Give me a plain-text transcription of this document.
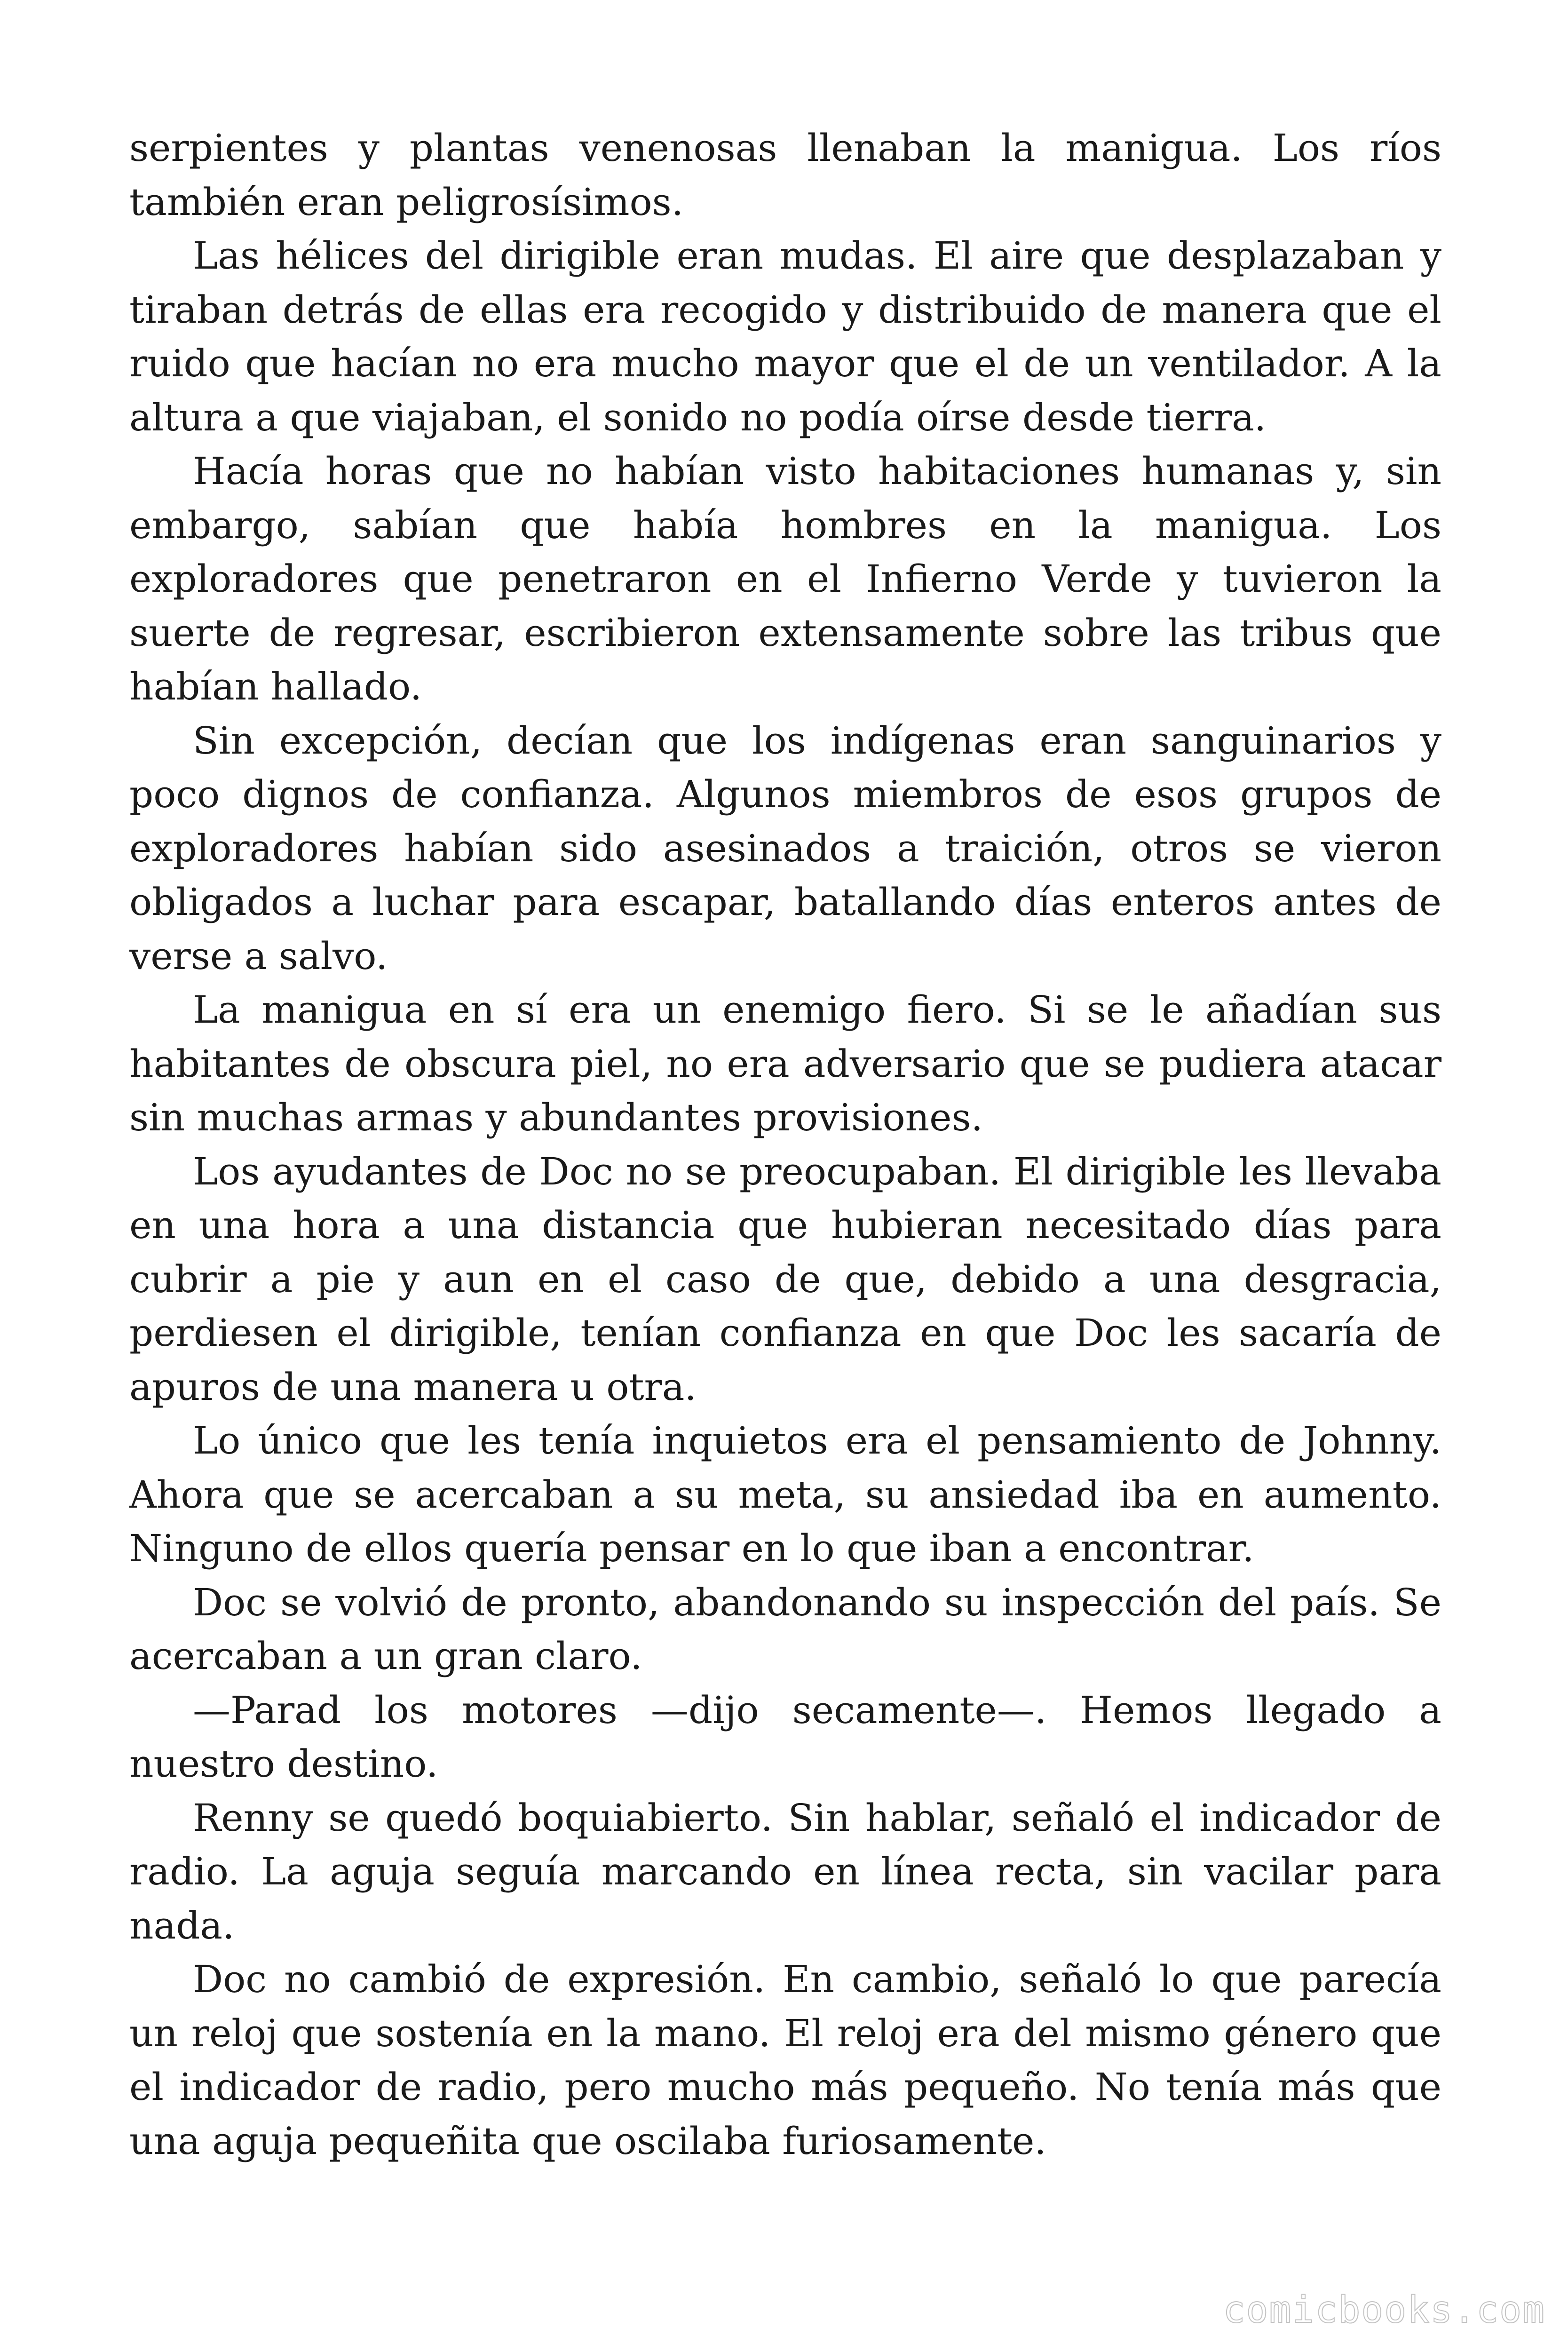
serpientes y plantas venenosas llenaban la manigua. Los ríos también eran peligrosísimos.

Las hélices del dirigible eran mudas. El aire que desplazaban y tiraban detrás de ellas era recogido y distribuido de manera que el ruido que hacían no era mucho mayor que el de un ventilador. A la altura a que viajaban, el sonido no podía oírse desde tierra.

Hacía horas que no habían visto habitaciones humanas y, sin embargo, sabían que había hombres en la manigua. Los exploradores que penetraron en el Infierno Verde y tuvieron la suerte de regresar, escribieron extensamente sobre las tribus que habían hallado.

Sin excepción, decían que los indígenas eran sanguinarios y poco dignos de confianza. Algunos miembros de esos grupos de exploradores habían sido asesinados a traición, otros se vieron obligados a luchar para escapar, batallando días enteros antes de verse a salvo.

La manigua en sí era un enemigo fiero. Si se le añadían sus habitantes de obscura piel, no era adversario que se pudiera atacar sin muchas armas y abundantes provisiones.

Los ayudantes de Doc no se preocupaban. El dirigible les llevaba en una hora a una distancia que hubieran necesitado días para cubrir a pie y aun en el caso de que, debido a una desgracia, perdiesen el dirigible, tenían confianza en que Doc les sacaría de apuros de una manera u otra.

Lo único que les tenía inquietos era el pensamiento de Johnny. Ahora que se acercaban a su meta, su ansiedad iba en aumento. Ninguno de ellos quería pensar en lo que iban a encontrar.

Doc se volvió de pronto, abandonando su inspección del país. Se acercaban a un gran claro.

—Parad los motores —dijo secamente—. Hemos llegado a nuestro destino.

Renny se quedó boquiabierto. Sin hablar, señaló el indicador de radio. La aguja seguía marcando en línea recta, sin vacilar para nada.

Doc no cambió de expresión. En cambio, señaló lo que parecía un reloj que sostenía en la mano. El reloj era del mismo género que el indicador de radio, pero mucho más pequeño. No tenía más que una aguja pequeñita que oscilaba furiosamente.

comicbooks.com
